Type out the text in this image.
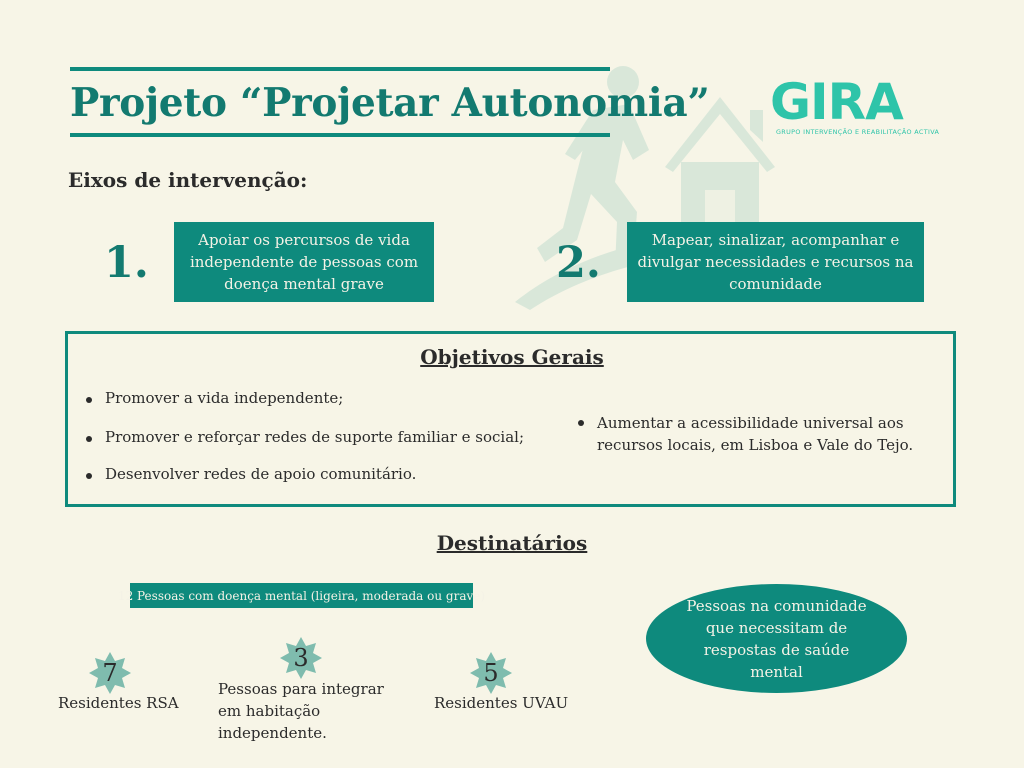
Projeto “Projetar Autonomia” GIRA
GRUPO INTERVENÇÃO E REABILITAÇÃO ACTIVA
Eixos de intervenção:
1.	Apoiar os percursos de vida independente de pessoas com doença mental grave	2.	Mapear, sinalizar, acompanhar e divulgar necessidades e recursos na comunidade
Objetivos Gerais
Promover a vida independente;
Promover e reforçar redes de suporte familiar e social;
Desenvolver redes de apoio comunitário.
Aumentar a acessibilidade universal aos recursos locais, em Lisboa e Vale do Tejo.
Destinatários
12 Pessoas com doença mental (ligeira, moderada ou grave)
7
Residentes RSA
3
Pessoas para integrar em habitação independente.
5
Residentes UVAU
Pessoas na comunidade que necessitam de respostas de saúde mental
